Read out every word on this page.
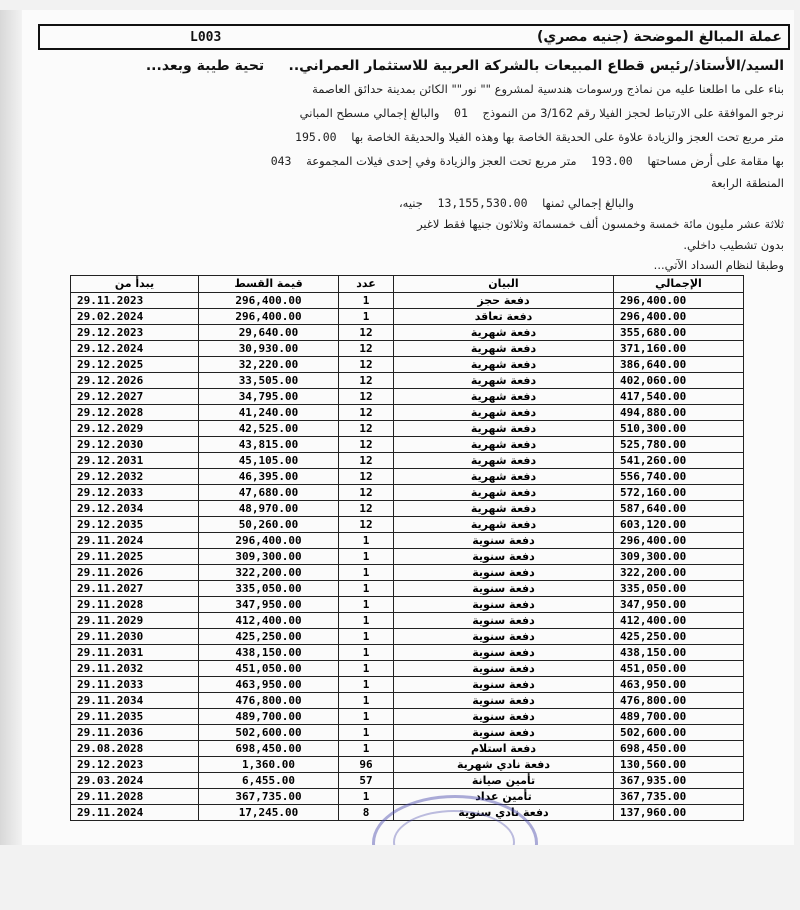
L003	عملة المبالغ الموضحة (جنيه مصري)
السيد/الأستاذ/رئيس قطاع المبيعات بالشركة العربية للاستثمار العمراني..     تحية طيبة وبعد...
بناء على ما اطلعنا عليه من نماذج ورسومات هندسية لمشروع "" نور"" الكائن بمدينة حدائق العاصمة
نرجو الموافقة على الارتباط لحجز الفيلا رقم 3/162 من النموذج    01    والبالغ إجمالي مسطح المباني
متر مربع تحت العجز والزيادة علاوة على الحديقة الخاصة بها وهذه الفيلا والحديقة الخاصة بها    195.00
بها مقامة على أرض مساحتها    193.00    متر مربع تحت العجز والزيادة وفي إحدى فيلات المجموعة    043
المنطقة الرابعة
والبالغ إجمالي ثمنها    13,155,530.00    جنيه،
ثلاثة عشر مليون مائة خمسة وخمسون ألف خمسمائة وثلاثون جنيها فقط لاغير
بدون تشطيب داخلي.
وطبقا لنظام السداد الآتي...
يبدأ من	قيمة القسط	عدد	البيان	الإجمالي
29.11.2023	296,400.00	1	دفعة حجز	296,400.00
29.02.2024	296,400.00	1	دفعة تعاقد	296,400.00
29.12.2023	29,640.00	12	دفعة شهرية	355,680.00
29.12.2024	30,930.00	12	دفعة شهرية	371,160.00
29.12.2025	32,220.00	12	دفعة شهرية	386,640.00
29.12.2026	33,505.00	12	دفعة شهرية	402,060.00
29.12.2027	34,795.00	12	دفعة شهرية	417,540.00
29.12.2028	41,240.00	12	دفعة شهرية	494,880.00
29.12.2029	42,525.00	12	دفعة شهرية	510,300.00
29.12.2030	43,815.00	12	دفعة شهرية	525,780.00
29.12.2031	45,105.00	12	دفعة شهرية	541,260.00
29.12.2032	46,395.00	12	دفعة شهرية	556,740.00
29.12.2033	47,680.00	12	دفعة شهرية	572,160.00
29.12.2034	48,970.00	12	دفعة شهرية	587,640.00
29.12.2035	50,260.00	12	دفعة شهرية	603,120.00
29.11.2024	296,400.00	1	دفعة سنوية	296,400.00
29.11.2025	309,300.00	1	دفعة سنوية	309,300.00
29.11.2026	322,200.00	1	دفعة سنوية	322,200.00
29.11.2027	335,050.00	1	دفعة سنوية	335,050.00
29.11.2028	347,950.00	1	دفعة سنوية	347,950.00
29.11.2029	412,400.00	1	دفعة سنوية	412,400.00
29.11.2030	425,250.00	1	دفعة سنوية	425,250.00
29.11.2031	438,150.00	1	دفعة سنوية	438,150.00
29.11.2032	451,050.00	1	دفعة سنوية	451,050.00
29.11.2033	463,950.00	1	دفعة سنوية	463,950.00
29.11.2034	476,800.00	1	دفعة سنوية	476,800.00
29.11.2035	489,700.00	1	دفعة سنوية	489,700.00
29.11.2036	502,600.00	1	دفعة سنوية	502,600.00
29.08.2028	698,450.00	1	دفعة استلام	698,450.00
29.12.2023	1,360.00	96	دفعة نادي شهرية	130,560.00
29.03.2024	6,455.00	57	تأمين صيانة	367,935.00
29.11.2028	367,735.00	1	تأمين عداد	367,735.00
29.11.2024	17,245.00	8	دفعة نادي سنوية	137,960.00
